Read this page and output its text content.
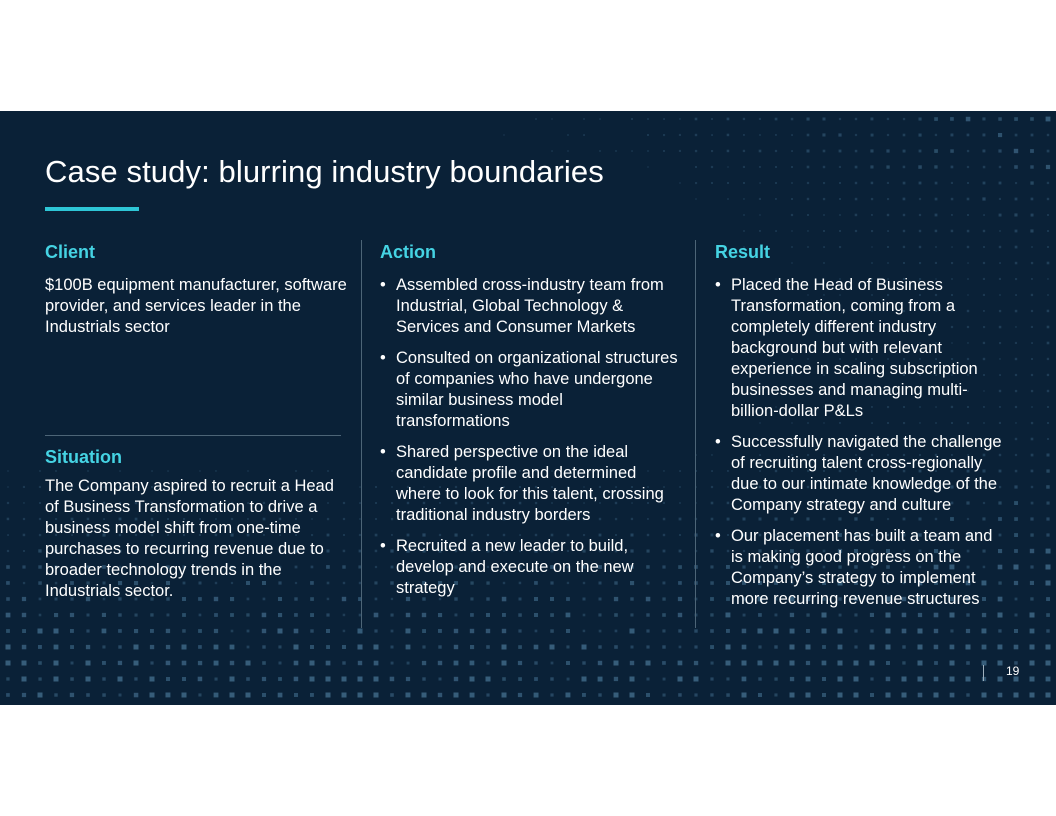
Case study: blurring industry boundaries
Client

$100B equipment manufacturer, software provider, and services leader in the Industrials sector

Situation

The Company aspired to recruit a Head of Business Transformation to drive a business model shift from one-time purchases to recurring revenue due to broader technology trends in the Industrials sector.

Action
• Assembled cross-industry team from Industrial, Global Technology & Services and Consumer Markets
• Consulted on organizational structures of companies who have undergone similar business model transformations
• Shared perspective on the ideal candidate profile and determined where to look for this talent, crossing traditional industry borders
• Recruited a new leader to build, develop and execute on the new strategy
Result
• Placed the Head of Business Transformation, coming from a completely different industry background but with relevant experience in scaling subscription businesses and managing multi-billion-dollar P&Ls
• Successfully navigated the challenge of recruiting talent cross-regionally due to our intimate knowledge of the Company strategy and culture
• Our placement has built a team and is making good progress on the Company’s strategy to implement more recurring revenue structures
19
